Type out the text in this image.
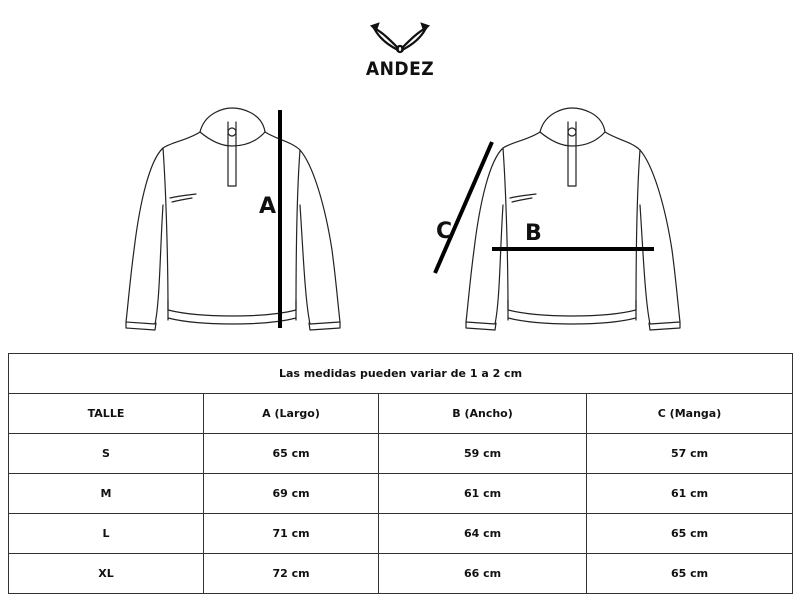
ANDEZ
A
B
C
Las medidas pueden variar de 1 a 2 cm			
TALLE	A (Largo)	B (Ancho)	C (Manga)
S	65 cm	59 cm	57 cm
M	69 cm	61 cm	61 cm
L	71 cm	64 cm	65 cm
XL	72 cm	66 cm	65 cm
